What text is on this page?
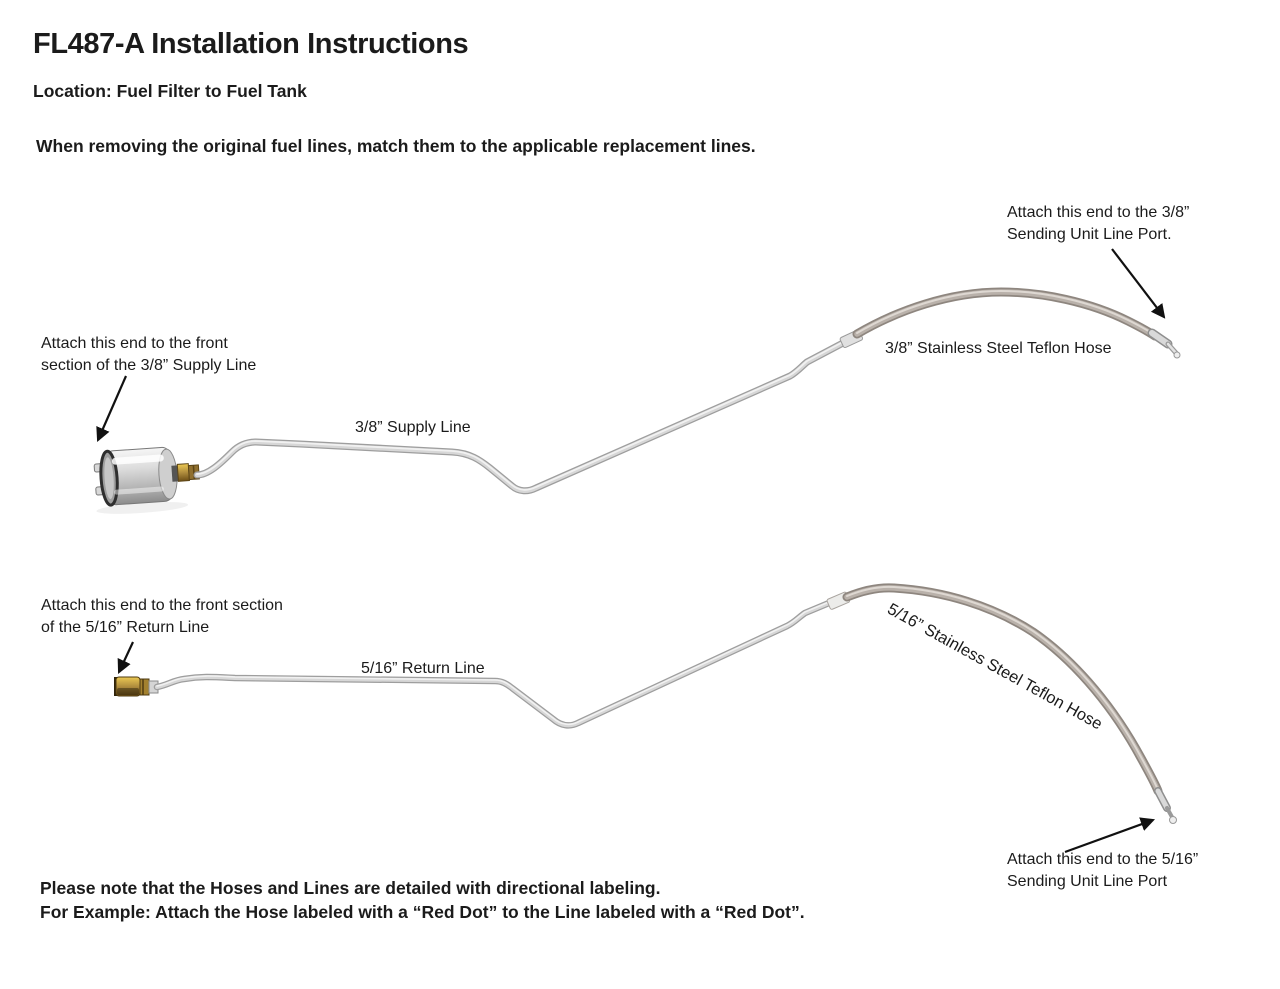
FL487-A Installation Instructions
Location: Fuel Filter to Fuel Tank
When removing the original fuel lines, match them to the applicable replacement lines.
Attach this end to the front
section of the 3/8” Supply Line
3/8” Supply Line
3/8” Stainless Steel Teflon Hose
Attach this end to the 3/8”
Sending Unit Line Port.
Attach this end to the front section
of the 5/16” Return Line
5/16” Return Line	5/16” Stainless Steel Teflon Hose
Attach this end to the 5/16”
Sending Unit Line Port
Please note that the Hoses and Lines are detailed with directional labeling.
For Example: Attach the Hose labeled with a “Red Dot” to the Line labeled with a “Red Dot”.
